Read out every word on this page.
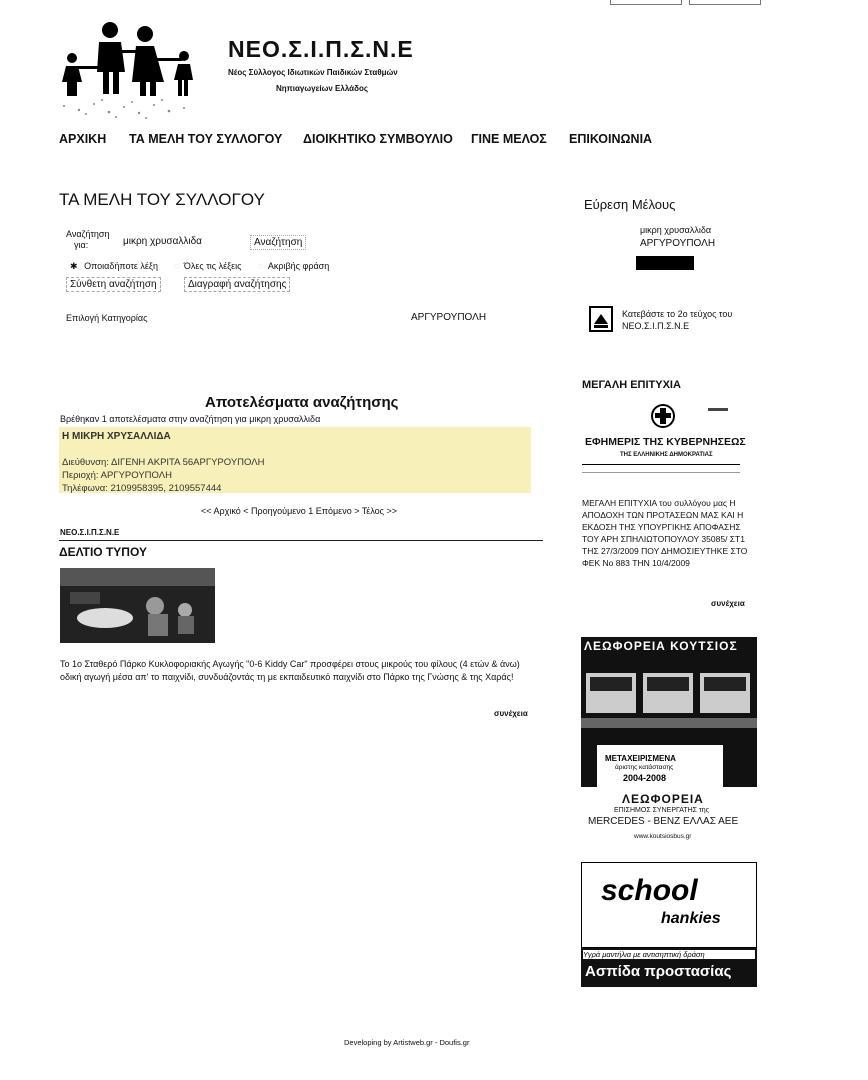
ΝΕΟ.Σ.Ι.Π.Σ.Ν.Ε
Νέος Σύλλογος Ιδιωτικών Παιδικών Σταθμών
Νηπιαγωγείων Ελλάδος
ΑΡΧΙΚΗ ΤΑ ΜΕΛΗ ΤΟΥ ΣΥΛΛΟΓΟΥ ΔΙΟΙΚΗΤΙΚΟ ΣΥΜΒΟΥΛΙΟ ΓΙΝΕ ΜΕΛΟΣ ΕΠΙΚΟΙΝΩΝΙΑ
ΤΑ ΜΕΛΗ ΤΟΥ ΣΥΛΛΟΓΟΥ
Αναζήτηση
για:	μικρη χρυσαλλιδα	Αναζήτηση
✱ Οποιαδήποτε λέξη ◌ Όλες τις λέξεις ◌ Ακριβής φράση
Σύνθετη αναζήτηση	Διαγραφή αναζήτησης
Επιλογή Κατηγορίας	ΑΡΓΥΡΟΥΠΟΛΗ
Αποτελέσματα αναζήτησης
Βρέθηκαν 1 αποτελέσματα στην αναζήτηση για μικρη χρυσαλλιδα
Η ΜΙΚΡΗ ΧΡΥΣΑΛΛΙΔΑ
Διεύθυνση: ΔΙΓΕΝΗ ΑΚΡΙΤΑ 56ΑΡΓΥΡΟΥΠΟΛΗ
Περιοχή: ΑΡΓΥΡΟΥΠΟΛΗ
Τηλέφωνα: 2109958395, 2109557444
<< Αρχικό < Προηγούμενο 1 Επόμενο > Τέλος >>
ΝΕΟ.Σ.Ι.Π.Σ.Ν.Ε
ΔΕΛΤΙΟ ΤΥΠΟΥ
Το 1ο Σταθερό Πάρκο Κυκλοφοριακής Αγωγής "0-6 Kiddy Car" προσφέρει στους μικρούς του φίλους (4 ετών & άνω) οδική αγωγή μέσα απ' το παιχνίδι, συνδυάζοντάς τη με εκπαιδευτικό παιχνίδι στο Πάρκο της Γνώσης & της Χαράς!
συνέχεια
Εύρεση Μέλους
μικρη χρυσαλλιδα
ΑΡΓΥΡΟΥΠΟΛΗ
Κατεβάστε το 2ο τεύχος του
ΝΕΟ.Σ.Ι.Π.Σ.Ν.Ε
ΜΕΓΑΛΗ ΕΠΙΤΥΧΙΑ
ΕΦΗΜΕΡΙΣ ΤΗΣ ΚΥΒΕΡΝΗΣΕΩΣ
ΤΗΣ ΕΛΛΗΝΙΚΗΣ ΔΗΜΟΚΡΑΤΙΑΣ
ΜΕΓΑΛΗ ΕΠΙΤΥΧΙΑ του συλλόγου μας Η ΑΠΟΔΟΧΗ ΤΩΝ ΠΡΟΤΑΣΕΩΝ ΜΑΣ ΚΑΙ Η ΕΚΔΟΣΗ ΤΗΣ ΥΠΟΥΡΓΙΚΗΣ ΑΠΟΦΑΣΗΣ ΤΟΥ ΑΡΗ ΣΠΗΛΙΩΤΟΠΟΥΛΟΥ 35085/ ΣΤ1 ΤΗΣ 27/3/2009 ΠΟΥ ΔΗΜΟΣΙΕΥΤΗΚΕ ΣΤΟ ΦΕΚ No 883 ΤΗΝ 10/4/2009
συνέχεια
ΛΕΩΦΟΡΕΙΑ ΚΟΥΤΣΙΟΣ
ΜΕΤΑΧΕΙΡΙΣΜΕΝΑ
άριστης κατάστασης
2004-2008
ΛΕΩΦΟΡΕΙΑ
ΕΠΙΣΗΜΟΣ ΣΥΝΕΡΓΑΤΗΣ της
MERCEDES - BENZ ΕΛΛΑΣ ΑΕΕ
www.koutsiosbus.gr
school
hankies
Υγρά μαντήλια με αντισηπτική δράση
Ασπίδα προστασίας
Developing by Artistweb.gr - Doufis.gr
